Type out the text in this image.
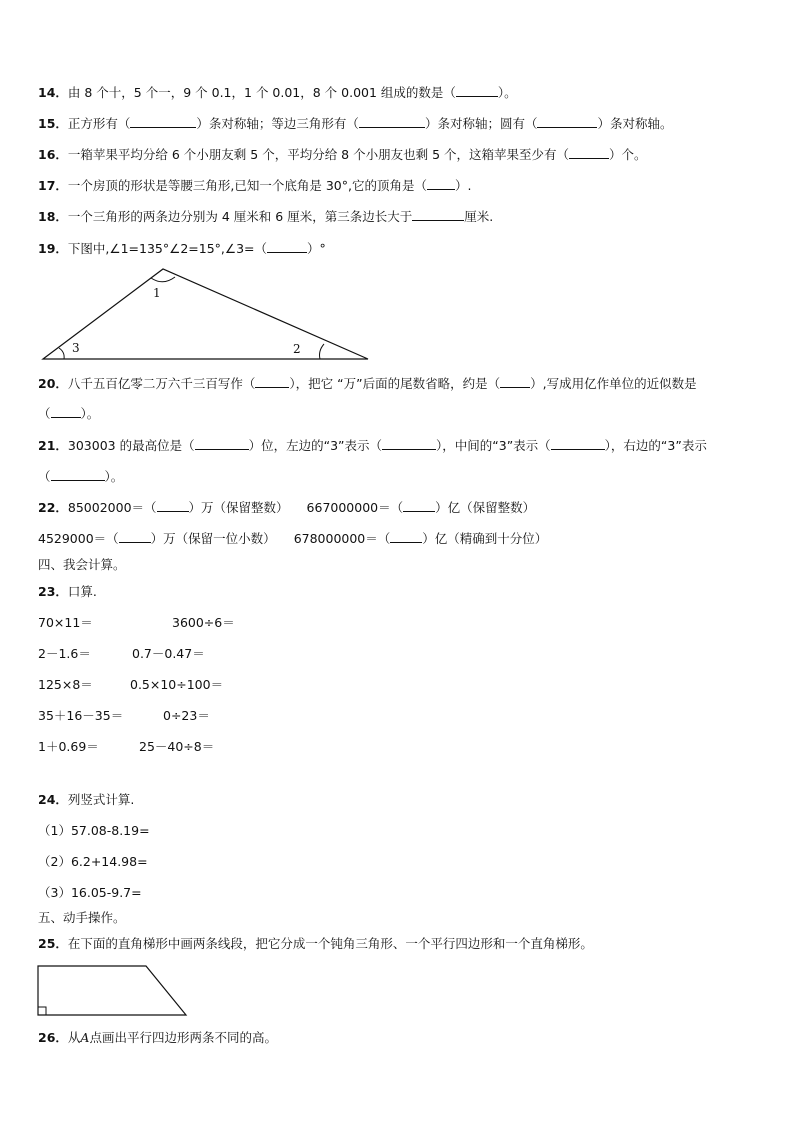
14．由 8 个十，5 个一，9 个 0.1，1 个 0.01，8 个 0.001 组成的数是（	）。
15．正方形有（	）条对称轴；等边三角形有（	）条对称轴；圆有（	）条对称轴。
16．一箱苹果平均分给 6 个小朋友剩 5 个，平均分给 8 个小朋友也剩 5 个，这箱苹果至少有（	）个。
17．一个房顶的形状是等腰三角形,已知一个底角是 30°,它的顶角是（ ）.
18．一个三角形的两条边分别为 4 厘米和 6 厘米，第三条边长大于	厘米.
19．下图中,∠1=135°∠2=15°,∠3=（	）°
1
2
3
20．八千五百亿零二万六千三百写作（	），把它 “万”后面的尾数省略，约是（ ）,写成用亿作单位的近似数是
（ ）。
21．303003 的最高位是（	）位，左边的“3”表示（	），中间的“3”表示（	），右边的“3”表示
（	）。
22．85002000＝（	）万（保留整数） 667000000＝（	）亿（保留整数）
4529000＝（	）万（保留一位小数） 678000000＝（	）亿（精确到十分位）
四、我会计算。
23．口算.
70×11＝	3600÷6＝
2－1.6＝	0.7－0.47＝
125×8＝	0.5×10÷100＝
35＋16－35＝	0÷23＝
1＋0.69＝	25－40÷8＝
24．列竖式计算.
（1）57.08-8.19=
（2）6.2+14.98=
（3）16.05-9.7=
五、动手操作。
25．在下面的直角梯形中画两条线段，把它分成一个钝角三角形、一个平行四边形和一个直角梯形。
26．从A点画出平行四边形两条不同的高。
